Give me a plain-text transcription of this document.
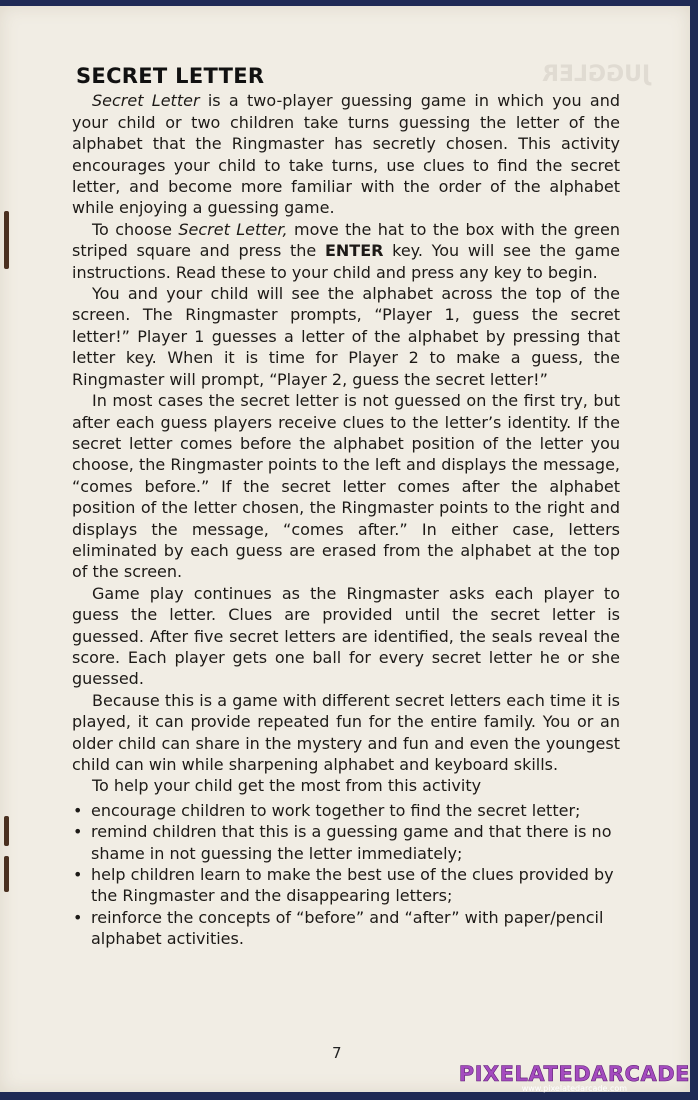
JUGGLER
SECRET LETTER

Secret Letter is a two-player guessing game in which you and your child or two children take turns guessing the letter of the alphabet that the Ringmaster has secretly chosen. This activity encourages your child to take turns, use clues to find the secret letter, and become more familiar with the order of the alphabet while enjoying a guessing game.

To choose Secret Letter, move the hat to the box with the green striped square and press the ENTER key. You will see the game instructions. Read these to your child and press any key to begin.

You and your child will see the alphabet across the top of the screen. The Ringmaster prompts, “Player 1, guess the secret letter!” Player 1 guesses a letter of the alphabet by pressing that letter key. When it is time for Player 2 to make a guess, the Ringmaster will prompt, “Player 2, guess the secret letter!”

In most cases the secret letter is not guessed on the first try, but after each guess players receive clues to the letter’s identity. If the secret letter comes before the alphabet position of the letter you choose, the Ringmaster points to the left and displays the message, “comes before.” If the secret letter comes after the alphabet position of the letter chosen, the Ringmaster points to the right and displays the message, “comes after.” In either case, letters eliminated by each guess are erased from the alphabet at the top of the screen.

Game play continues as the Ringmaster asks each player to guess the letter. Clues are provided until the secret letter is guessed. After five secret letters are identified, the seals reveal the score. Each player gets one ball for every secret letter he or she guessed.

Because this is a game with different secret letters each time it is played, it can provide repeated fun for the entire family. You or an older child can share in the mystery and fun and even the youngest child can win while sharpening alphabet and keyboard skills.

To help your child get the most from this activity

• encourage children to work together to find the secret letter;
• remind children that this is a guessing game and that there is no shame in not guessing the letter immediately;
• help children learn to make the best use of the clues provided by the Ringmaster and the disappearing letters;
• reinforce the concepts of “before” and “after” with paper/pencil alphabet activities.
7
PIXELATEDARCADE
www.pixelatedarcade.com
